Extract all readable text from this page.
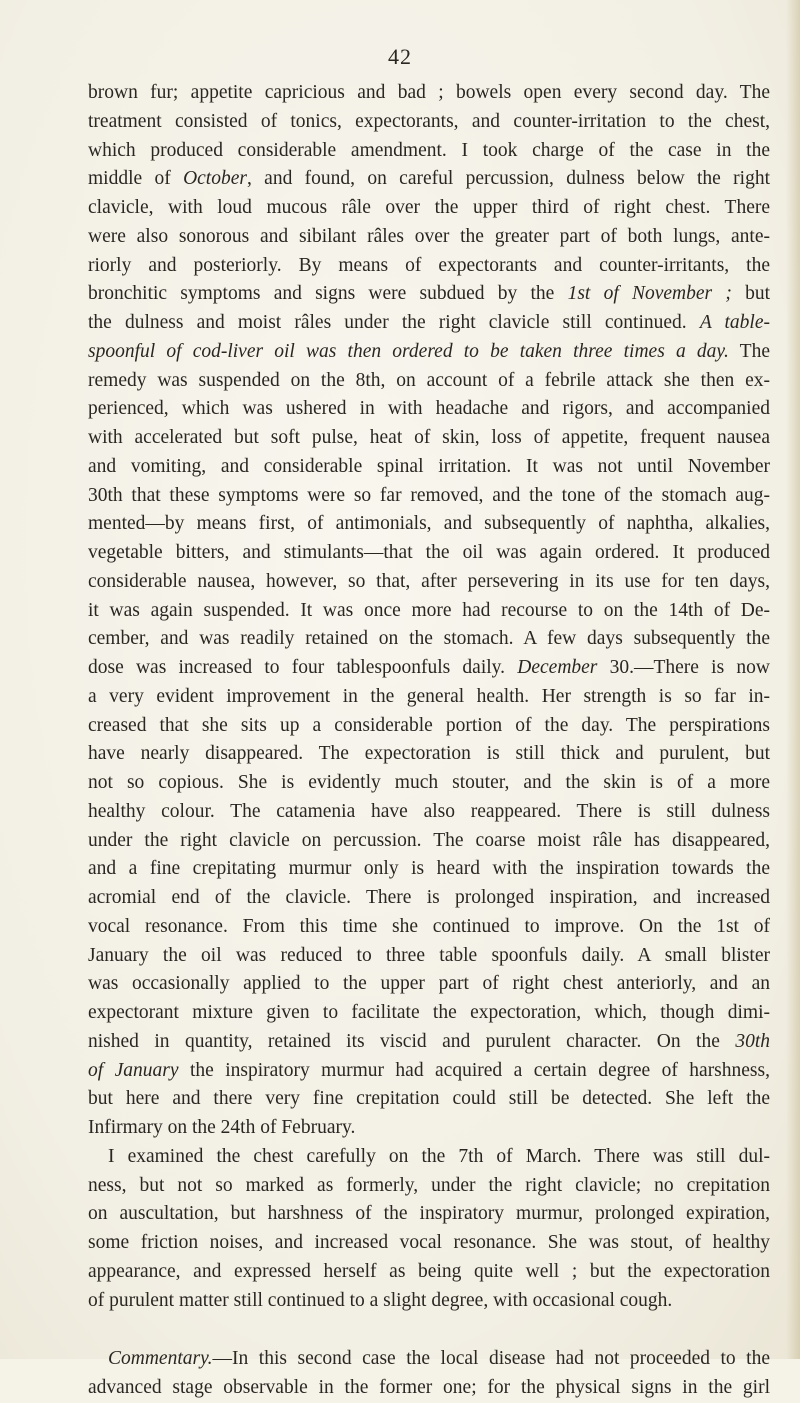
42
brown fur; appetite capricious and bad ; bowels open every second day. The
treatment consisted of tonics, expectorants, and counter-irritation to the chest,
which produced considerable amendment. I took charge of the case in the
middle of October, and found, on careful percussion, dulness below the right
clavicle, with loud mucous râle over the upper third of right chest. There
were also sonorous and sibilant râles over the greater part of both lungs, ante-
riorly and posteriorly. By means of expectorants and counter-irritants, the
bronchitic symptoms and signs were subdued by the 1st of November ; but
the dulness and moist râles under the right clavicle still continued. A table-
spoonful of cod-liver oil was then ordered to be taken three times a day. The
remedy was suspended on the 8th, on account of a febrile attack she then ex-
perienced, which was ushered in with headache and rigors, and accompanied
with accelerated but soft pulse, heat of skin, loss of appetite, frequent nausea
and vomiting, and considerable spinal irritation. It was not until November
30th that these symptoms were so far removed, and the tone of the stomach aug-
mented—by means first, of antimonials, and subsequently of naphtha, alkalies,
vegetable bitters, and stimulants—that the oil was again ordered. It produced
considerable nausea, however, so that, after persevering in its use for ten days,
it was again suspended. It was once more had recourse to on the 14th of De-
cember, and was readily retained on the stomach. A few days subsequently the
dose was increased to four tablespoonfuls daily. December 30.—There is now
a very evident improvement in the general health. Her strength is so far in-
creased that she sits up a considerable portion of the day. The perspirations
have nearly disappeared. The expectoration is still thick and purulent, but
not so copious. She is evidently much stouter, and the skin is of a more
healthy colour. The catamenia have also reappeared. There is still dulness
under the right clavicle on percussion. The coarse moist râle has disappeared,
and a fine crepitating murmur only is heard with the inspiration towards the
acromial end of the clavicle. There is prolonged inspiration, and increased
vocal resonance. From this time she continued to improve. On the 1st of
January the oil was reduced to three table spoonfuls daily. A small blister
was occasionally applied to the upper part of right chest anteriorly, and an
expectorant mixture given to facilitate the expectoration, which, though dimi-
nished in quantity, retained its viscid and purulent character. On the 30th
of January the inspiratory murmur had acquired a certain degree of harshness,
but here and there very fine crepitation could still be detected. She left the
Infirmary on the 24th of February.
I examined the chest carefully on the 7th of March. There was still dul-
ness, but not so marked as formerly, under the right clavicle; no crepitation
on auscultation, but harshness of the inspiratory murmur, prolonged expiration,
some friction noises, and increased vocal resonance. She was stout, of healthy
appearance, and expressed herself as being quite well ; but the expectoration
of purulent matter still continued to a slight degree, with occasional cough.
Commentary.—In this second case the local disease had not proceeded to the
advanced stage observable in the former one; for the physical signs in the girl
